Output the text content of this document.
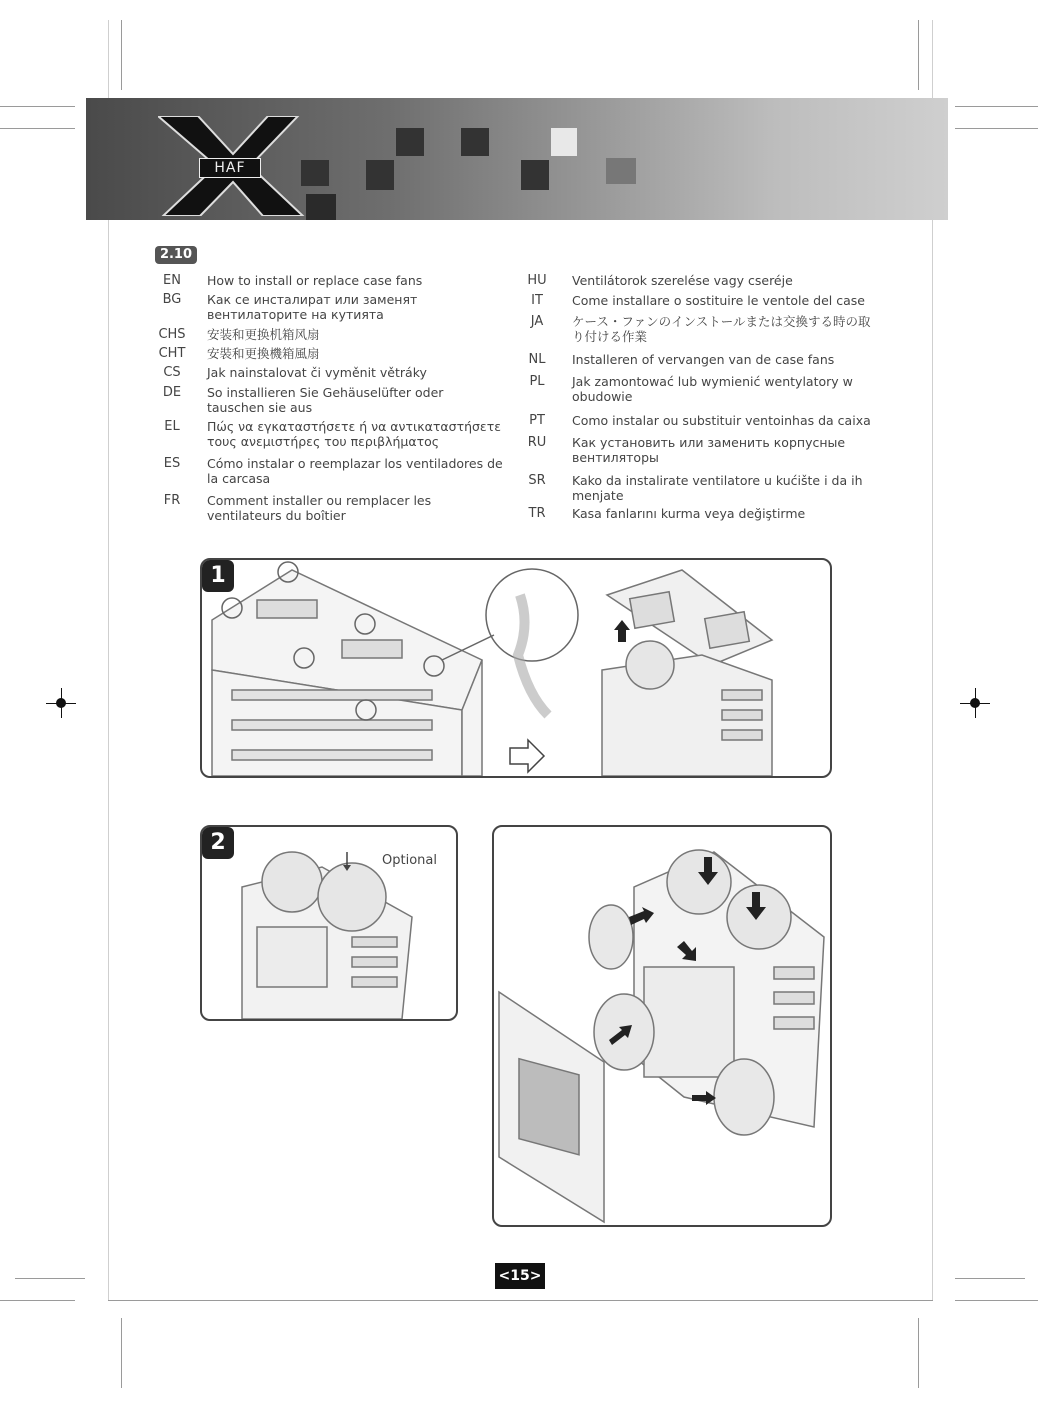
HAF
2.10
EN	How to install or replace case fans
BG	Как се инсталират или заменят вентилаторите на кутията
CHS	安装和更换机箱风扇
CHT	安裝和更換機箱風扇
CS	Jak nainstalovat či vyměnit větráky
DE	So installieren Sie Gehäuselüfter oder tauschen sie aus
EL	Πώς να εγκαταστήσετε ή να αντικαταστήσετε τους ανεμιστήρες του περιβλήματος
ES	Cómo instalar o reemplazar los ventiladores de la carcasa
FR	Comment installer ou remplacer les ventilateurs du boîtier
HU	Ventilátorok szerelése vagy cseréje
IT	Come installare o sostituire le ventole del case
JA	ケース・ファンのインストールまたは交換する時の取り付ける作業
NL	Installeren of vervangen van de case fans
PL	Jak zamontować lub wymienić wentylatory w obudowie
PT	Como instalar ou substituir ventoinhas da caixa
RU	Как установить или заменить корпусные вентиляторы
SR	Kako da instalirate ventilatore u kućište i da ih menjate
TR	Kasa fanlarını kurma veya değiştirme
1
2
Optional
<15>
